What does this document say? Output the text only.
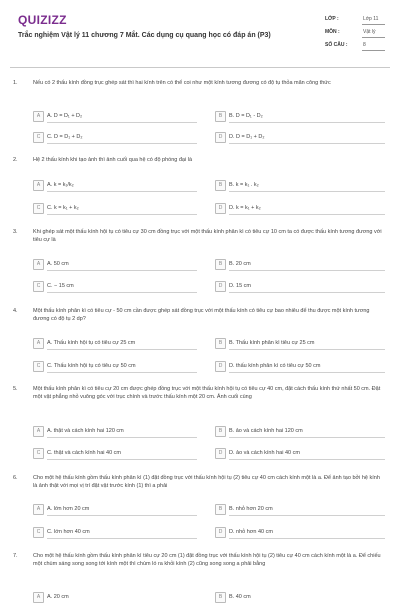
QUIZIZZ
Trắc nghiệm Vật lý 11 chương 7 Mắt. Các dụng cụ quang học có đáp án (P3)
LỚP :	Lớp 11
MÔN :	Vật lý
SỐ CÂU :	8
1.	Nếu có 2 thấu kính đồng trục ghép sát thì hai kính trên có thể coi như một kính tương đương có độ tụ thỏa mãn công thức
A	A. D = D₁ + D₂	B	B. D = D₁ - D₂
C	C. D = D₁ + D₂	D	D. D = D₁ + D₂
2.	Hệ 2 thấu kính khi tạo ảnh thì ảnh cuối qua hệ có độ phóng đại là
A	A. k = k₁/k₂	B	B. k = k₁ . k₂
C	C. k = k₁ + k₂	D	D. k = k₁ + k₂
3.	Khi ghép sát một thấu kính hội tụ có tiêu cự 30 cm đồng trục với một thấu kính phân kì có tiêu cự 10 cm ta có được thấu kính tương đương với tiêu cự là
A	A. 50 cm	B	B. 20 cm
C	C. − 15 cm	D	D. 15 cm
4.	Một thấu kính phân kì có tiêu cự - 50 cm cần được ghép sát đồng trục với một thấu kính có tiêu cự bao nhiêu để thu được một kính tương đương có độ tụ 2 dp?
A	A. Thấu kính hội tụ có tiêu cự 25 cm	B	B. Thấu kính phân kì tiêu cự 25 cm
C	C. Thấu kính hội tụ có tiêu cự 50 cm	D	D. thấu kính phân kì có tiêu cự 50 cm
5.	Một thấu kính phân kì có tiêu cự 20 cm được ghép đồng trục với một thấu kính hội tụ có tiêu cự 40 cm, đặt cách thấu kính thứ nhất 50 cm. Đặt một vật phẳng nhỏ vuông góc với trục chính và trước thấu kính một 20 cm. Ảnh cuối cùng
A	A. thật và cách kính hai 120 cm	B	B. ảo và cách kính hai 120 cm
C	C. thật và cách kính hai 40 cm	D	D. ảo và cách kính hai 40 cm
6.	Cho một hệ thấu kính gồm thấu kính phân kì (1) đặt đồng trục với thấu kính hội tụ (2) tiêu cự 40 cm cách kính một là a. Để ảnh tạo bởi hệ kính là ảnh thật với mọi vị trí đặt vật trước kính (1) thì a phải
A	A. lớn hơn 20 cm	B	B. nhỏ hơn 20 cm
C	C. lớn hơn 40 cm	D	D. nhỏ hơn 40 cm
7.	Cho một hệ thấu kính gồm thấu kính phân kì tiêu cự 20 cm (1) đặt đồng trục với thấu kính hội tụ (2) tiêu cự 40 cm cách kính một là a. Để chiếu một chùm sáng song song tới kính một thì chùm ló ra khỏi kính (2) cũng song song a phải bằng
A	A. 20 cm	B	B. 40 cm
